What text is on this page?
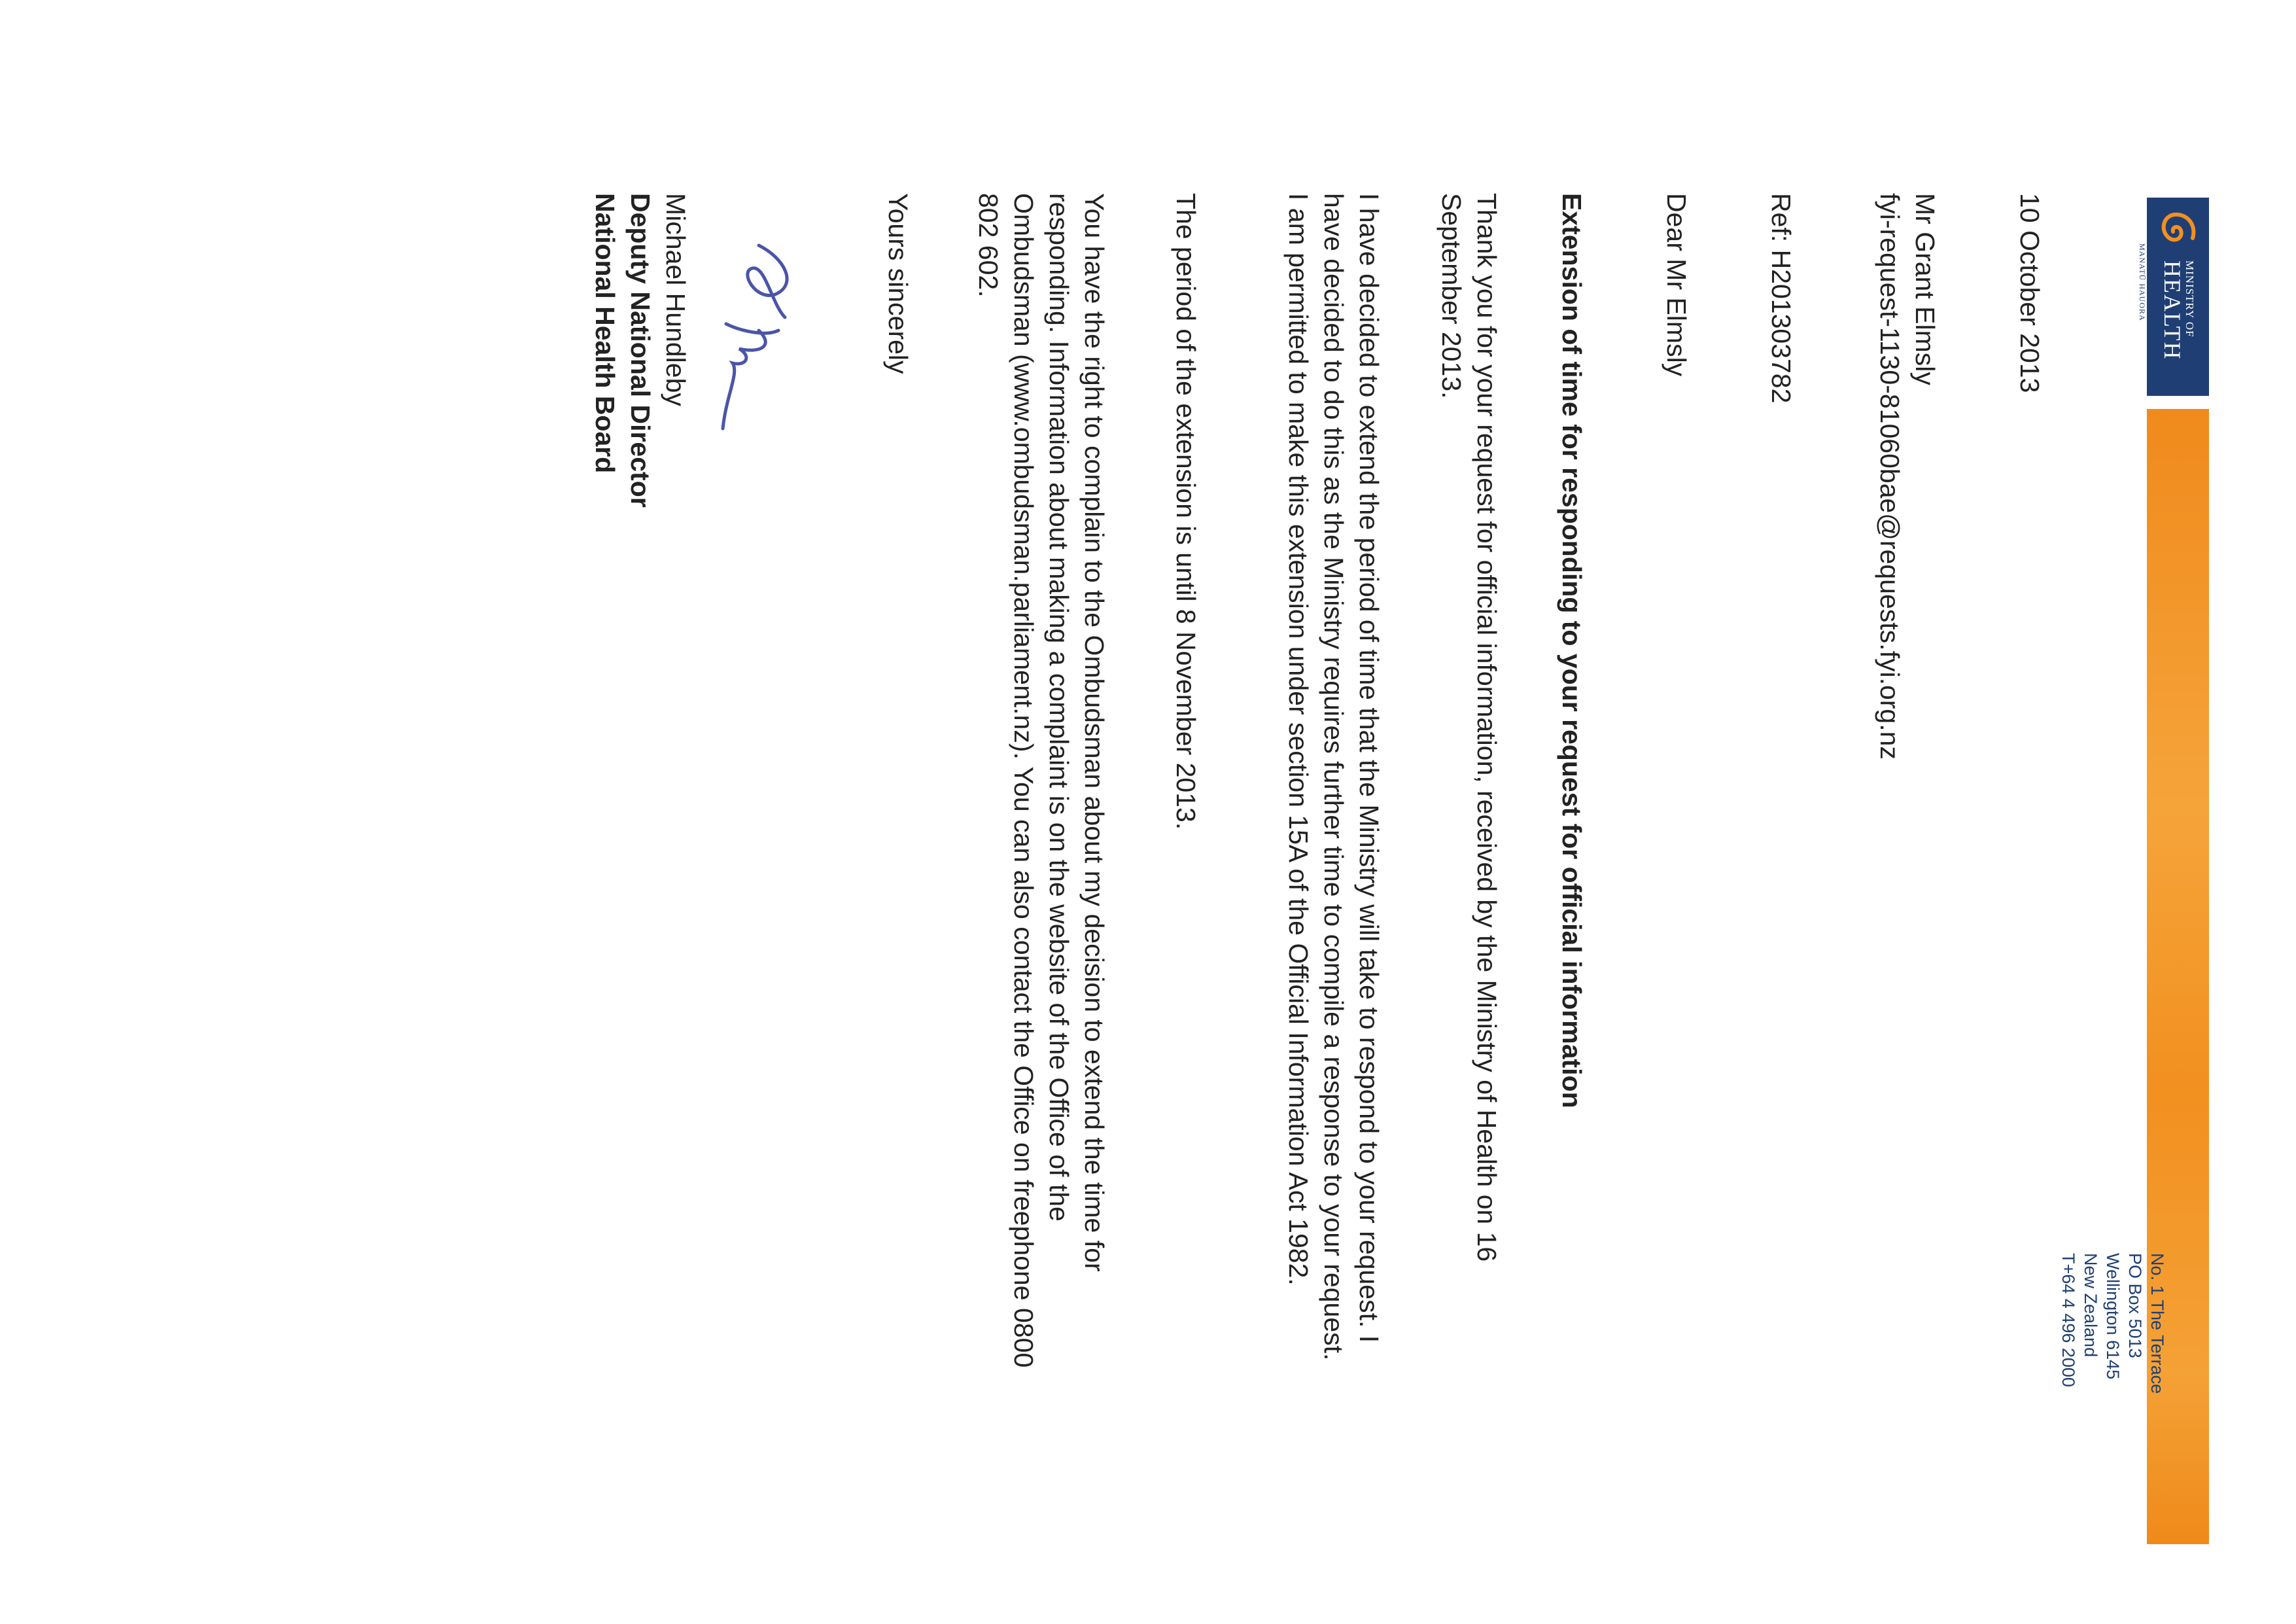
MINISTRY OF
HEALTH
MANATŪ HAUORA
No. 1 The Terrace
PO Box 5013
Wellington 6145
New Zealand
T+64 4 496 2000
10 October 2013
Mr Grant Elmsly
fyi-request-1130-81060bae@requests.fyi.org.nz
Ref: H201303782
Dear Mr Elmsly
Extension of time for responding to your request for official information
Thank you for your request for official information, received by the Ministry of Health on 16 September 2013.
I have decided to extend the period of time that the Ministry will take to respond to your request. I have decided to do this as the Ministry requires further time to compile a response to your request. I am permitted to make this extension under section 15A of the Official Information Act 1982.
The period of the extension is until 8 November 2013.
You have the right to complain to the Ombudsman about my decision to extend the time for responding. Information about making a complaint is on the website of the Office of the Ombudsman (www.ombudsman.parliament.nz). You can also contact the Office on freephone 0800 802 602.
Yours sincerely
Michael Hundleby
Deputy National Director
National Health Board
